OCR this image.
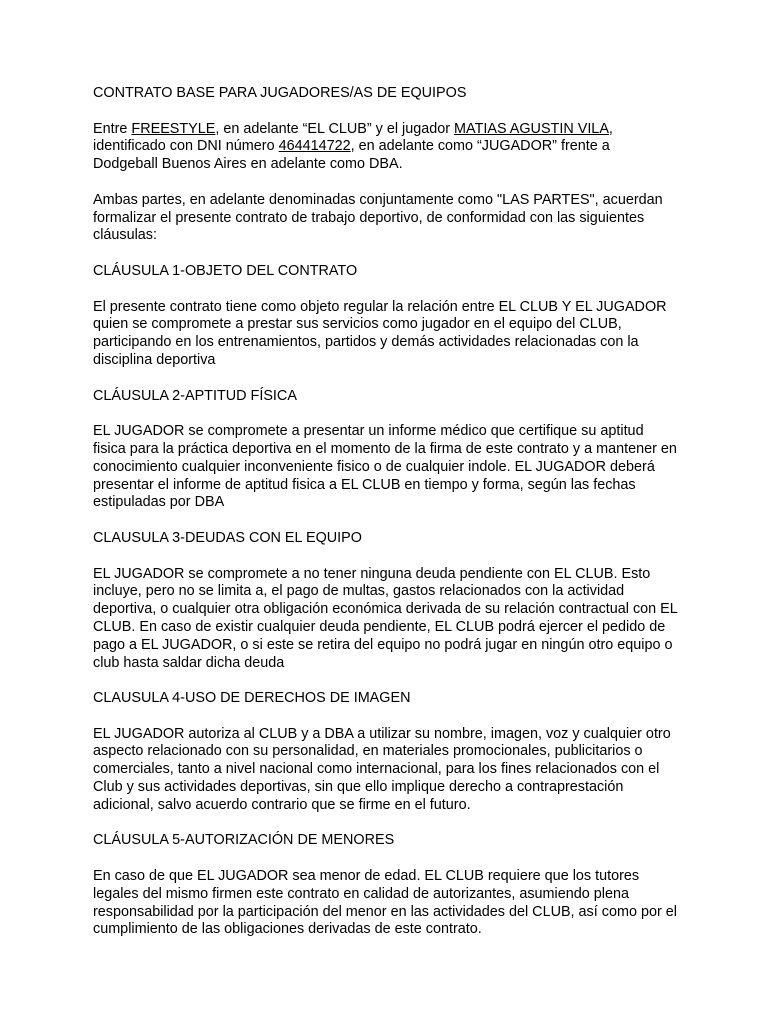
CONTRATO BASE PARA JUGADORES/AS DE EQUIPOS

Entre FREESTYLE, en adelante “EL CLUB” y el jugador MATIAS AGUSTIN VILA, identificado con DNI número 464414722, en adelante como “JUGADOR” frente a Dodgeball Buenos Aires en adelante como DBA.

Ambas partes, en adelante denominadas conjuntamente como "LAS PARTES", acuerdan formalizar el presente contrato de trabajo deportivo, de conformidad con las siguientes cláusulas:

CLÁUSULA 1-OBJETO DEL CONTRATO

El presente contrato tiene como objeto regular la relación entre EL CLUB Y EL JUGADOR quien se compromete a prestar sus servicios como jugador en el equipo del CLUB, participando en los entrenamientos, partidos y demás actividades relacionadas con la disciplina deportiva

CLÁUSULA 2-APTITUD FÍSICA

EL JUGADOR se compromete a presentar un informe médico que certifique su aptitud fisica para la práctica deportiva en el momento de la firma de este contrato y a mantener en conocimiento cualquier inconveniente fisico o de cualquier indole. EL JUGADOR deberá presentar el informe de aptitud fisica a EL CLUB en tiempo y forma, según las fechas estipuladas por DBA

CLAUSULA 3-DEUDAS CON EL EQUIPO

EL JUGADOR se compromete a no tener ninguna deuda pendiente con EL CLUB. Esto incluye, pero no se limita a, el pago de multas, gastos relacionados con la actividad deportiva, o cualquier otra obligación económica derivada de su relación contractual con EL CLUB. En caso de existir cualquier deuda pendiente, EL CLUB podrá ejercer el pedido de pago a EL JUGADOR, o si este se retira del equipo no podrá jugar en ningún otro equipo o club hasta saldar dicha deuda

CLAUSULA 4-USO DE DERECHOS DE IMAGEN

EL JUGADOR autoriza al CLUB y a DBA a utilizar su nombre, imagen, voz y cualquier otro aspecto relacionado con su personalidad, en materiales promocionales, publicitarios o comerciales, tanto a nivel nacional como internacional, para los fines relacionados con el Club y sus actividades deportivas, sin que ello implique derecho a contraprestación adicional, salvo acuerdo contrario que se firme en el futuro.

CLÁUSULA 5-AUTORIZACIÓN DE MENORES

En caso de que EL JUGADOR sea menor de edad. EL CLUB requiere que los tutores legales del mismo firmen este contrato en calidad de autorizantes, asumiendo plena responsabilidad por la participación del menor en las actividades del CLUB, así como por el cumplimiento de las obligaciones derivadas de este contrato.
